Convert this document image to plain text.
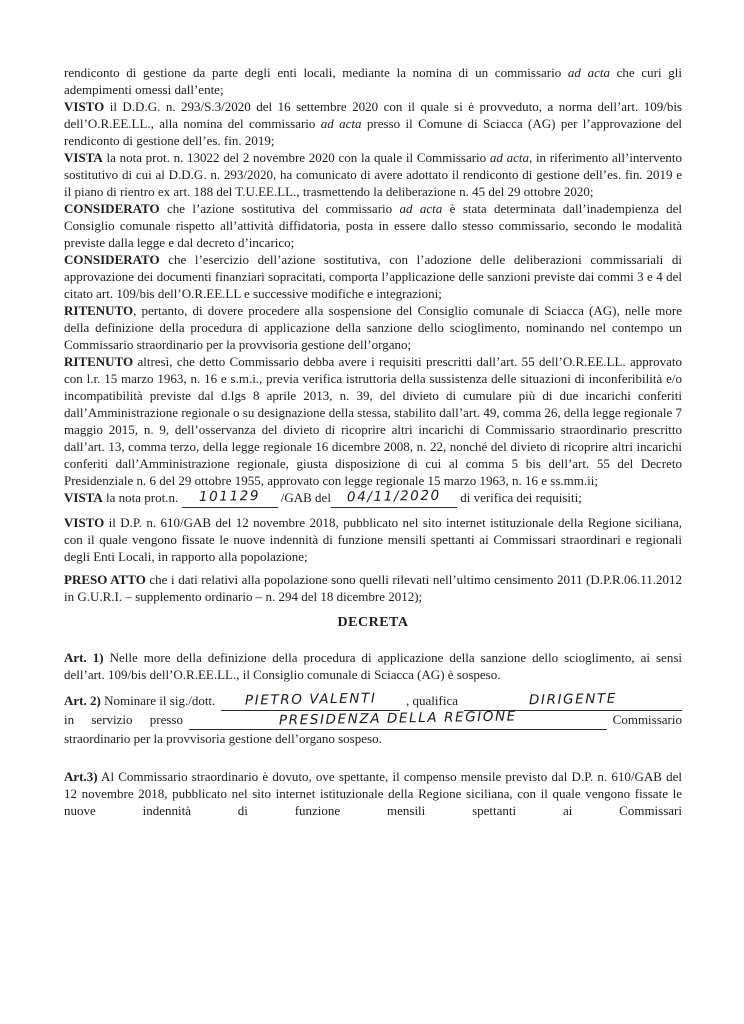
rendiconto di gestione da parte degli enti locali, mediante la nomina di un commissario ad acta che curi gli adempimenti omessi dall’ente;

VISTO il D.D.G. n. 293/S.3/2020 del 16 settembre 2020 con il quale si è provveduto, a norma dell’art. 109/bis dell’O.R.EE.LL., alla nomina del commissario ad acta presso il Comune di Sciacca (AG) per l’approvazione del rendiconto di gestione dell’es. fin. 2019;

VISTA la nota prot. n. 13022 del 2 novembre 2020 con la quale il Commissario ad acta, in riferimento all’intervento sostitutivo di cui al D.D.G. n. 293/2020, ha comunicato di avere adottato il rendiconto di gestione dell’es. fin. 2019 e il piano di rientro ex art. 188 del T.U.EE.LL., trasmettendo la deliberazione n. 45 del 29 ottobre 2020;

CONSIDERATO che l’azione sostitutiva del commissario ad acta è stata determinata dall’inadempienza del Consiglio comunale rispetto all’attività diffidatoria, posta in essere dallo stesso commissario, secondo le modalità previste dalla legge e dal decreto d’incarico;

CONSIDERATO che l’esercizio dell’azione sostitutiva, con l’adozione delle deliberazioni commissariali di approvazione dei documenti finanziari sopracitati, comporta l’applicazione delle sanzioni previste dai commi 3 e 4 del citato art. 109/bis dell’O.R.EE.LL e successive modifiche e integrazioni;

RITENUTO, pertanto, di dovere procedere alla sospensione del Consiglio comunale di Sciacca (AG), nelle more della definizione della procedura di applicazione della sanzione dello scioglimento, nominando nel contempo un Commissario straordinario per la provvisoria gestione dell’organo;

RITENUTO altresì, che detto Commissario debba avere i requisiti prescritti dall’art. 55 dell’O.R.EE.LL. approvato con l.r. 15 marzo 1963, n. 16 e s.m.i., previa verifica istruttoria della sussistenza delle situazioni di inconferibilità e/o incompatibilità previste dal d.lgs 8 aprile 2013, n. 39, del divieto di cumulare più di due incarichi conferiti dall’Amministrazione regionale o su designazione della stessa, stabilito dall’art. 49, comma 26, della legge regionale 7 maggio 2015, n. 9, dell’osservanza del divieto di ricoprire altri incarichi di Commissario straordinario prescritto dall’art. 13, comma terzo, della legge regionale 16 dicembre 2008, n. 22, nonché del divieto di ricoprire altri incarichi conferiti dall’Amministrazione regionale, giusta disposizione di cui al comma 5 bis dell’art. 55 del Decreto Presidenziale n. 6 del 29 ottobre 1955, approvato con legge regionale 15 marzo 1963, n. 16 e ss.mm.ii;

VISTA la nota prot.n. 101129 /GAB del 04/11/2020 di verifica dei requisiti;

VISTO il D.P. n. 610/GAB del 12 novembre 2018, pubblicato nel sito internet istituzionale della Regione siciliana, con il quale vengono fissate le nuove indennità di funzione mensili spettanti ai Commissari straordinari e regionali degli Enti Locali, in rapporto alla popolazione;

PRESO ATTO che i dati relativi alla popolazione sono quelli rilevati nell’ultimo censimento 2011 (D.P.R.06.11.2012 in G.U.R.I. – supplemento ordinario – n. 294 del 18 dicembre 2012);

DECRETA

Art. 1) Nelle more della definizione della procedura di applicazione della sanzione dello scioglimento, ai sensi dell’art. 109/bis dell’O.R.EE.LL., il Consiglio comunale di Sciacca (AG) è sospeso.

Art. 2) Nominare il sig./dott.	PIETRO VALENTI	, qualifica	DIRIGENTE
in servizio presso	PRESIDENZA DELLA REGIONE	Commissario

straordinario per la provvisoria gestione dell’organo sospeso.

Art.3) Al Commissario straordinario è dovuto, ove spettante, il compenso mensile previsto dal D.P. n. 610/GAB del 12 novembre 2018, pubblicato nel sito internet istituzionale della Regione siciliana, con il quale vengono fissate le nuove indennità di funzione mensili spettanti ai Commissari
